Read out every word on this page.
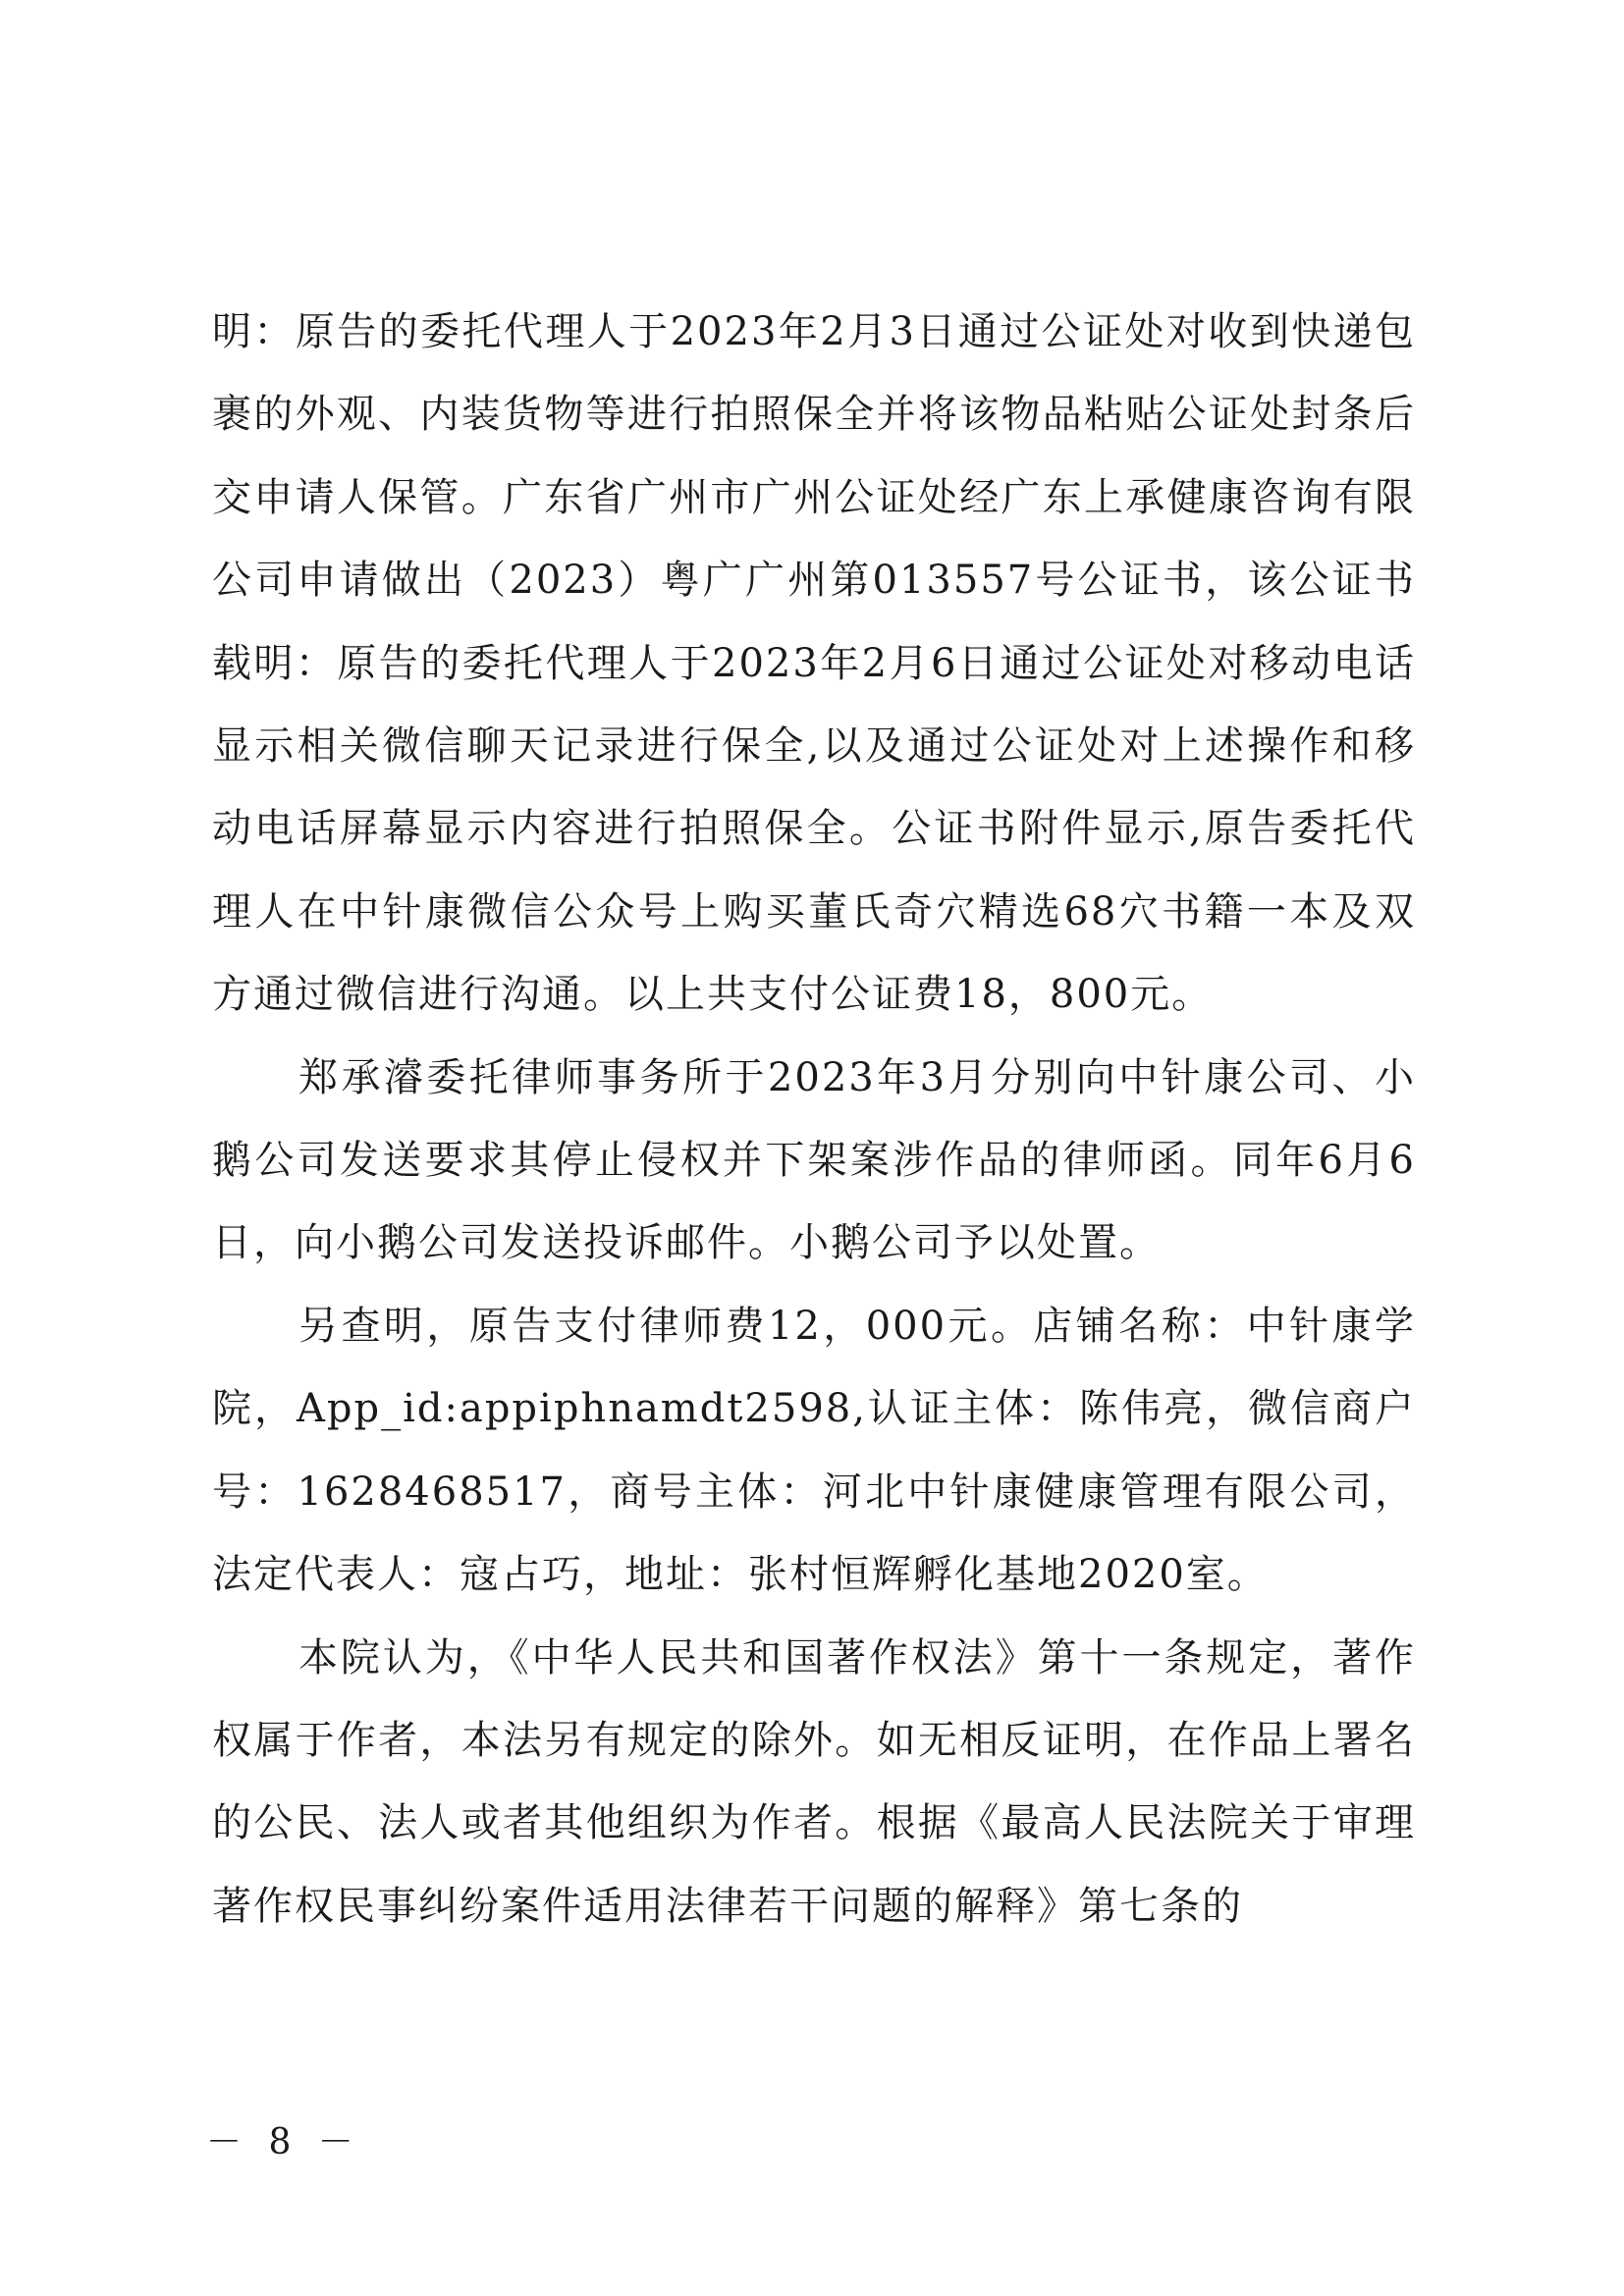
明：原告的委托代理人于2023年2月3日通过公证处对收到快递包裹的外观、内装货物等进行拍照保全并将该物品粘贴公证处封条后交申请人保管。广东省广州市广州公证处经广东上承健康咨询有限公司申请做出（2023）粤广广州第013557号公证书，该公证书载明：原告的委托代理人于2023年2月6日通过公证处对移动电话显示相关微信聊天记录进行保全,以及通过公证处对上述操作和移动电话屏幕显示内容进行拍照保全。公证书附件显示,原告委托代理人在中针康微信公众号上购买董氏奇穴精选68穴书籍一本及双方通过微信进行沟通。以上共支付公证费18，800元。

郑承濬委托律师事务所于2023年3月分别向中针康公司、小鹅公司发送要求其停止侵权并下架案涉作品的律师函。同年6月6日，向小鹅公司发送投诉邮件。小鹅公司予以处置。

另查明，原告支付律师费12，000元。店铺名称：中针康学院，App_id:appiphnamdt2598,认证主体：陈伟亮，微信商户号：1628468517，商号主体：河北中针康健康管理有限公司，法定代表人：寇占巧，地址：张村恒辉孵化基地2020室。

本院认为，《中华人民共和国著作权法》第十一条规定，著作权属于作者，本法另有规定的除外。如无相反证明，在作品上署名的公民、法人或者其他组织为作者。根据《最高人民法院关于审理著作权民事纠纷案件适用法律若干问题的解释》第七条的

－ 8 －
